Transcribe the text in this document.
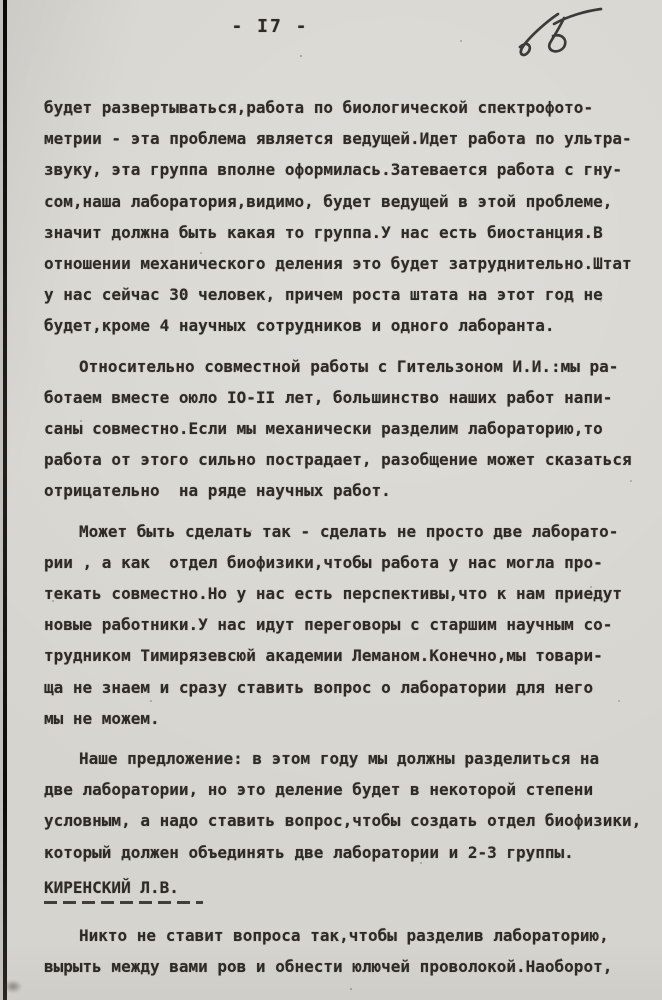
- I7 -
будет развертываться,работа по биологической спектрофото-
метрии - эта проблема является ведущей.Идет работа по ультра-
звуку, эта группа вполне оформилась.Затевается работа с гну-
сом,наша лаборатория,видимо, будет ведущей в этой проблеме,
значит должна быть какая то группа.У нас есть биостанция.В
отношении механического деления это будет затруднительно.Штат
у нас сейчас 30 человек, причем роста штата на этот год не
будет,кроме 4 научных сотрудников и одного лаборанта.
Относительно совместной работы с Гительзоном И.И.:мы ра-
ботаем вместе оюло IO-II лет, большинство наших работ напи-
саны совместно.Если мы механически разделим лабораторию,то
работа от этого сильно пострадает, разобщение может сказаться
отрицательно  на ряде научных работ.
Может быть сделать так - сделать не просто две лаборато-
рии , а как  отдел биофизики,чтобы работа у нас могла про-
текать совместно.Но у нас есть перспективы,что к нам приедут
новые работники.У нас идут переговоры с старшим научным со-
трудником Тимирязевсюй академии Леманом.Конечно,мы товари-
ща не знаем и сразу ставить вопрос о лаборатории для него
мы не можем.
Наше предложение: в этом году мы должны разделиться на
две лаборатории, но это деление будет в некоторой степени
условным, а надо ставить вопрос,чтобы создать отдел биофизики,
который должен объединять две лаборатории и 2-3 группы.
КИРЕНСКИЙ Л.В.
Никто не ставит вопроса так,чтобы разделив лабораторию,
вырыть между вами ров и обнести юлючей проволокой.Наоборот,
